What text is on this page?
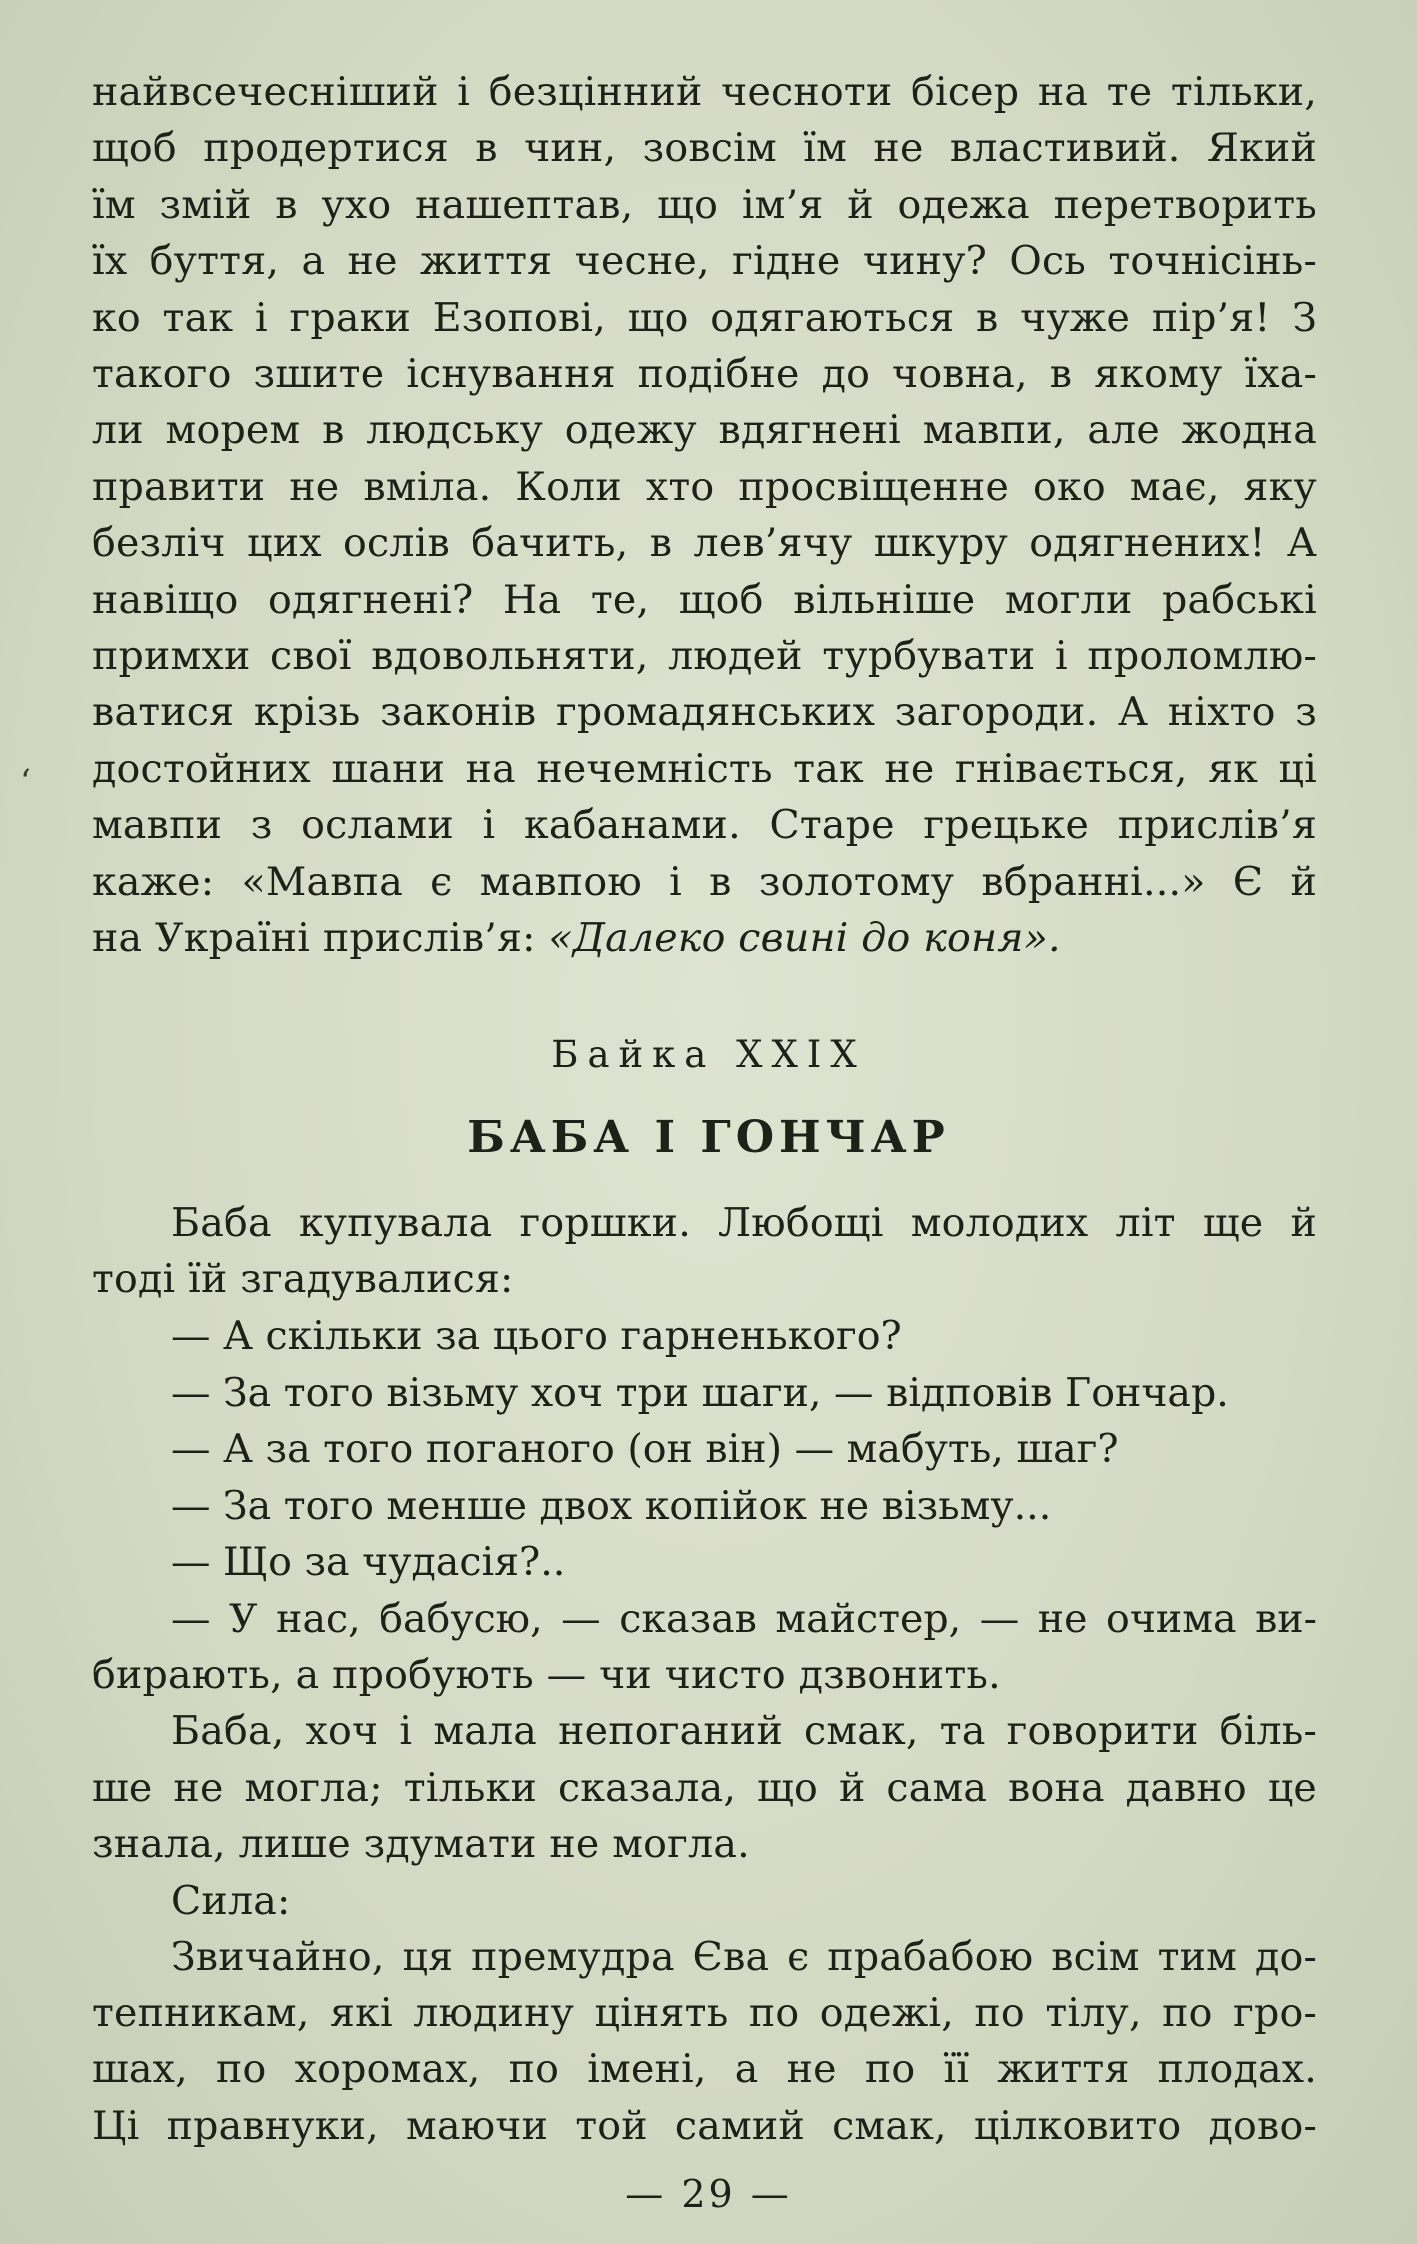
‘
найвсечесніший і безцінний чесноти бісер на те тільки,
щоб продертися в чин, зовсім їм не властивий. Який
їм змій в ухо нашептав, що ім’я й одежа перетворить
їх буття, а не життя чесне, гідне чину? Ось точнісінь-
ко так і граки Езопові, що одягаються в чуже пір’я! З
такого зшите існування подібне до човна, в якому їха-
ли морем в людську одежу вдягнені мавпи, але жодна
правити не вміла. Коли хто просвіщенне око має, яку
безліч цих ослів бачить, в лев’ячу шкуру одягнених! А
навіщо одягнені? На те, щоб вільніше могли рабські
примхи свої вдовольняти, людей турбувати і проломлю-
ватися крізь законів громадянських загороди. А ніхто з
достойних шани на нечемність так не гнівається, як ці
мавпи з ослами і кабанами. Старе грецьке прислів’я
каже: «Мавпа є мавпою і в золотому вбранні...» Є й
на Україні прислів’я: «Далеко свині до коня».
Байка XXIX
БАБА І ГОНЧАР
Баба купувала горшки. Любощі молодих літ ще й
тоді їй згадувалися:
— А скільки за цього гарненького?
— За того візьму хоч три шаги, — відповів Гончар.
— А за того поганого (он він) — мабуть, шаг?
— За того менше двох копійок не візьму...
— Що за чудасія?..
— У нас, бабусю, — сказав майстер, — не очима ви-
бирають, а пробують — чи чисто дзвонить.
Баба, хоч і мала непоганий смак, та говорити біль-
ше не могла; тільки сказала, що й сама вона давно це
знала, лише здумати не могла.
Сила:
Звичайно, ця премудра Єва є прабабою всім тим до-
тепникам, які людину цінять по одежі, по тілу, по гро-
шах, по хоромах, по імені, а не по її життя плодах.
Ці правнуки, маючи той самий смак, цілковито дово-
— 29 —
